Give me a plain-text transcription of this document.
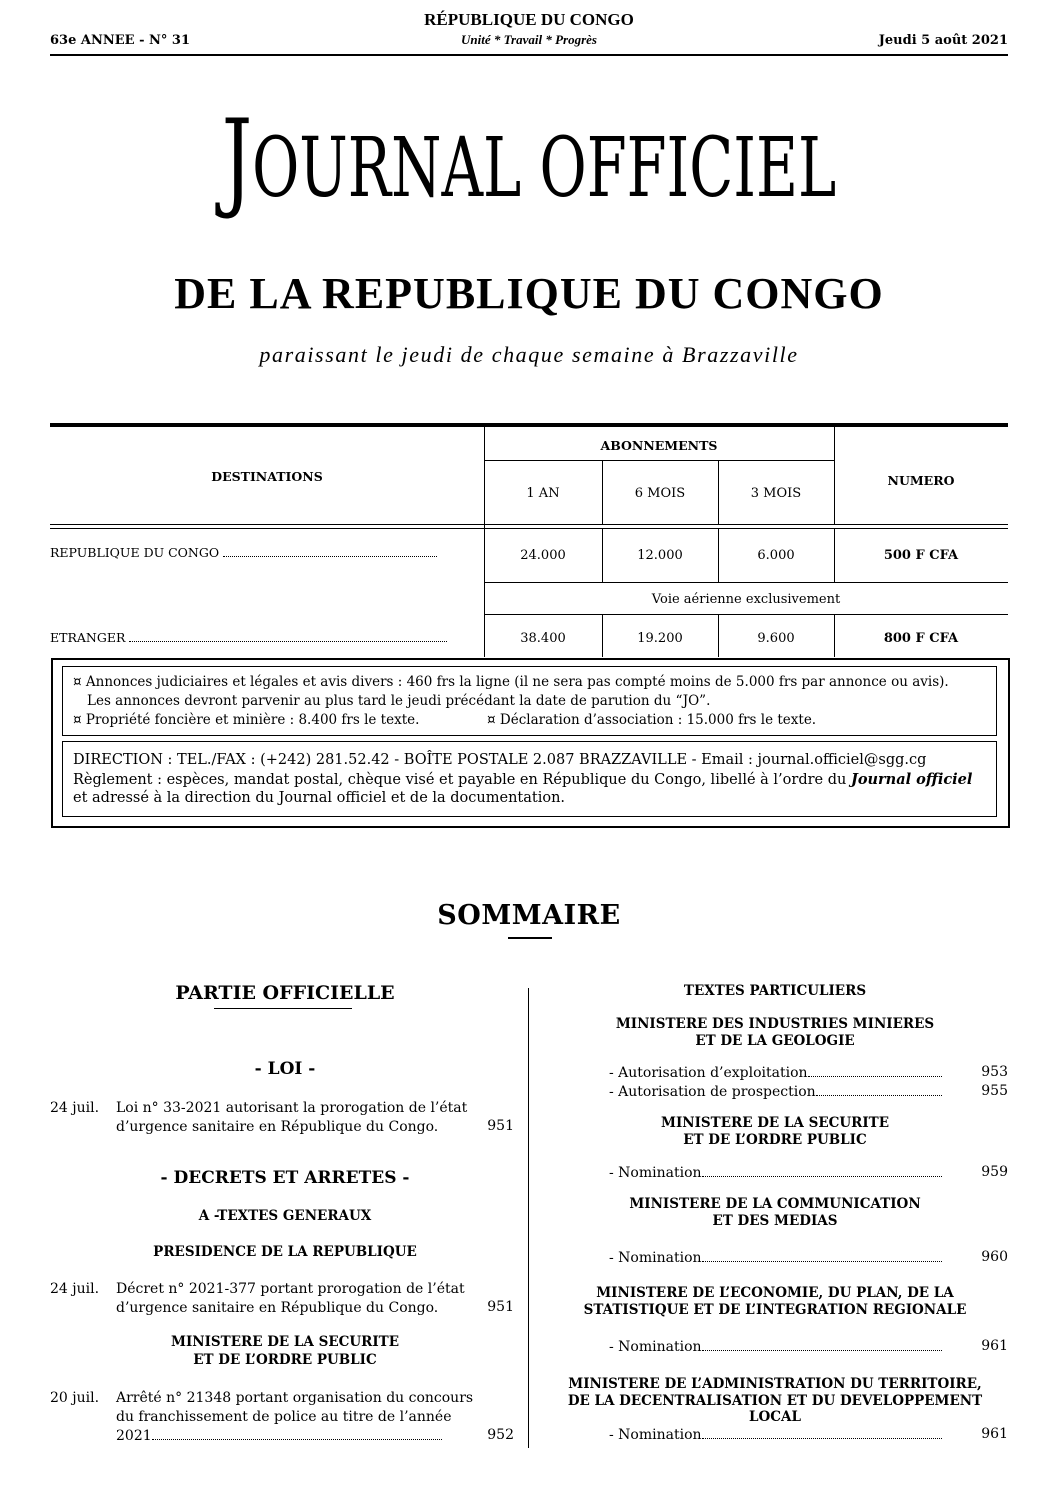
RÉPUBLIQUE DU CONGO
Unité * Travail * Progrès
63e ANNEE - N° 31	Jeudi 5 août 2021
JOURNAL OFFICIEL
DE LA REPUBLIQUE DU CONGO
paraissant le jeudi de chaque semaine à Brazzaville
DESTINATIONS
ABONNEMENTS
1 AN	6 MOIS	3 MOIS
NUMERO
REPUBLIQUE DU CONGO	24.000	12.000	6.000	500 F CFA
Voie aérienne exclusivement
ETRANGER	38.400	19.200	9.600	800 F CFA
¤ Annonces judiciaires et légales et avis divers : 460 frs la ligne (il ne sera pas compté moins de 5.000 frs par annonce ou avis).
Les annonces devront parvenir au plus tard le jeudi précédant la date de parution du “JO”.
¤ Propriété foncière et minière : 8.400 frs le texte.	¤ Déclaration d’association : 15.000 frs le texte.
DIRECTION : TEL./FAX : (+242) 281.52.42 - BOÎTE POSTALE 2.087 BRAZZAVILLE - Email : journal.officiel@sgg.cg
Règlement : espèces, mandat postal, chèque visé et payable en République du Congo, libellé à l’ordre du Journal officiel
et adressé à la direction du Journal officiel et de la documentation.
SOMMAIRE
PARTIE OFFICIELLE
- LOI -
24 juil. Loi n° 33-2021 autorisant la prorogation de l’état
d’urgence sanitaire en République du Congo.	951
- DECRETS ET ARRETES -
A -TEXTES GENERAUX
PRESIDENCE DE LA REPUBLIQUE
24 juil. Décret n° 2021-377 portant prorogation de l’état
d’urgence sanitaire en République du Congo.	951
MINISTERE DE LA SECURITE
ET DE L’ORDRE PUBLIC
20 juil. Arrêté n° 21348 portant organisation du concours
du franchissement de police au titre de l’année
2021	952
TEXTES PARTICULIERS
MINISTERE DES INDUSTRIES MINIERES
ET DE LA GEOLOGIE
- Autorisation d’exploitation	953
- Autorisation de prospection	955
MINISTERE DE LA SECURITE
ET DE L’ORDRE PUBLIC
- Nomination	959
MINISTERE DE LA COMMUNICATION
ET DES MEDIAS
- Nomination	960
MINISTERE DE L’ECONOMIE, DU PLAN, DE LA
STATISTIQUE ET DE L’INTEGRATION REGIONALE
- Nomination	961
MINISTERE DE L’ADMINISTRATION DU TERRITOIRE,
DE LA DECENTRALISATION ET DU DEVELOPPEMENT LOCAL
- Nomination	961
